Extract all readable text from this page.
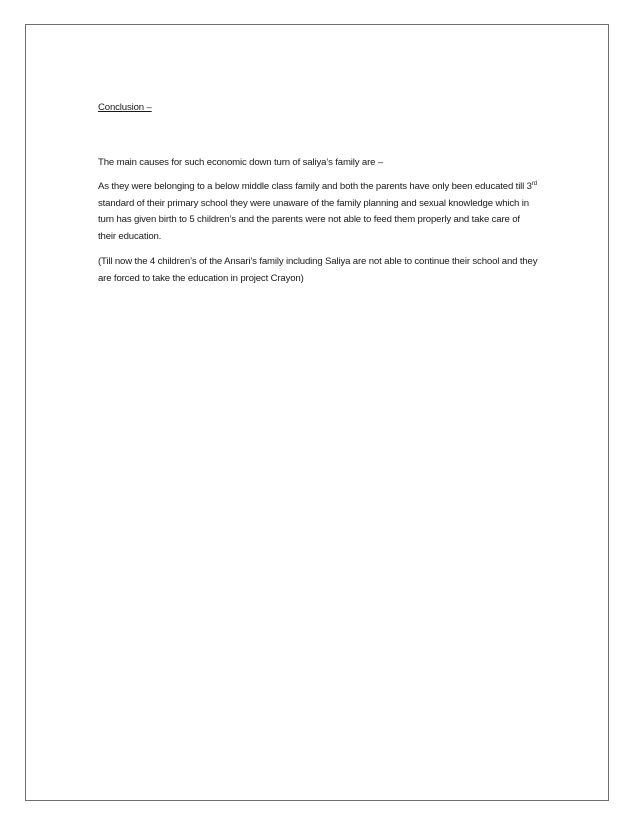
Conclusion –

The main causes for such economic down turn of saliya’s family are –

As they were belonging to a below middle class family and both the parents have only been educated till 3rd standard of their primary school they were unaware of the family planning and sexual knowledge which in turn has given birth to 5 children’s and the parents were not able to feed them properly and take care of their education.

(Till now the 4 children’s of the Ansari’s family including Saliya are not able to continue their school and they are forced to take the education in project Crayon)
